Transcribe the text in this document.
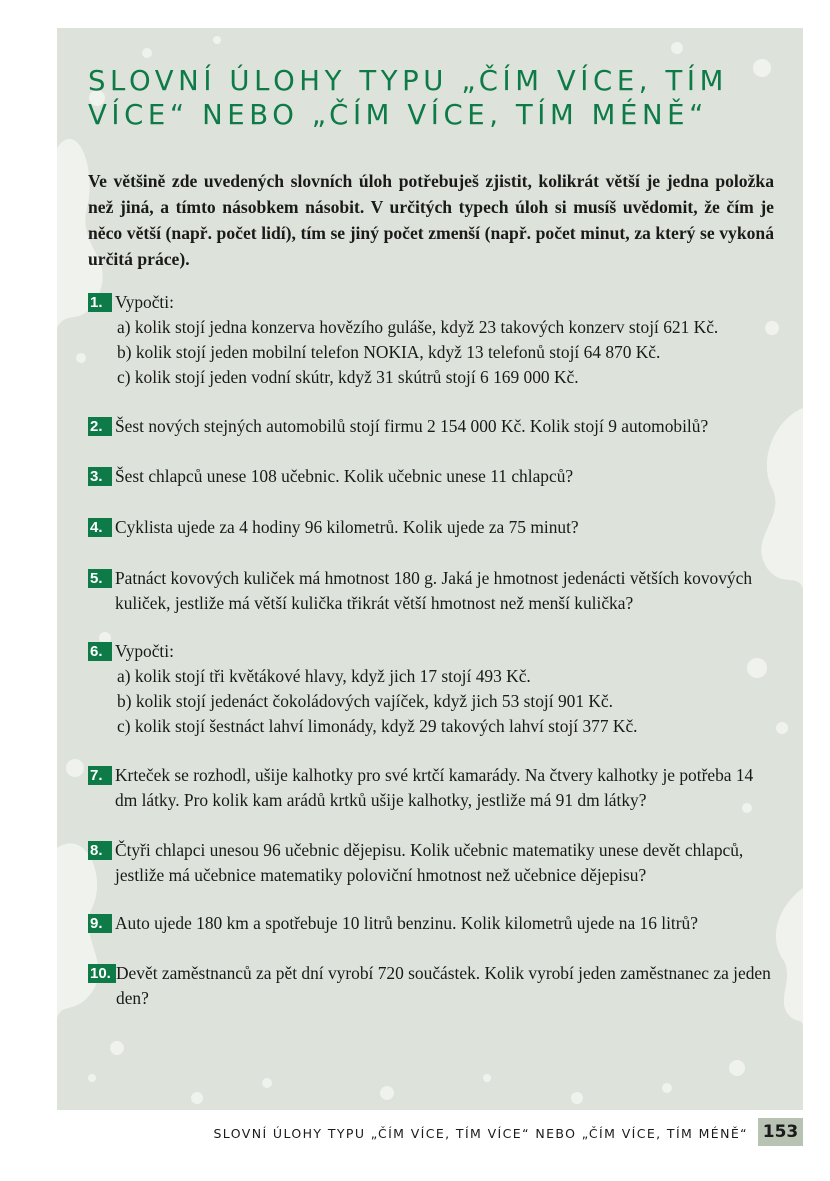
SLOVNÍ ÚLOHY TYPU „ČÍM VÍCE, TÍM VÍCE“ NEBO „ČÍM VÍCE, TÍM MÉNĚ“

Ve většině zde uvedených slovních úloh potřebuješ zjistit, kolikrát větší je jedna položka než jiná, a tímto násobkem násobit. V určitých typech úloh si musíš uvědomit, že čím je něco větší (např. počet lidí), tím se jiný počet zmenší (např. počet minut, za který se vykoná určitá práce).

1. Vypočti:
a) kolik stojí jedna konzerva hovězího guláše, když 23 takových konzerv stojí 621 Kč.
b) kolik stojí jeden mobilní telefon NOKIA, když 13 telefonů stojí 64 870 Kč.
c) kolik stojí jeden vodní skútr, když 31 skútrů stojí 6 169 000 Kč.
2. Šest nových stejných automobilů stojí firmu 2 154 000 Kč. Kolik stojí 9 automobilů?
3. Šest chlapců unese 108 učebnic. Kolik učebnic unese 11 chlapců?
4. Cyklista ujede za 4 hodiny 96 kilometrů. Kolik ujede za 75 minut?
5. Patnáct kovových kuliček má hmotnost 180 g. Jaká je hmotnost jedenácti větších kovových kuliček, jestliže má větší kulička třikrát větší hmotnost než menší kulička?
6. Vypočti:
a) kolik stojí tři květákové hlavy, když jich 17 stojí 493 Kč.
b) kolik stojí jedenáct čokoládových vajíček, když jich 53 stojí 901 Kč.
c) kolik stojí šestnáct lahví limonády, když 29 takových lahví stojí 377 Kč.
7. Krteček se rozhodl, ušije kalhotky pro své krtčí kamarády. Na čtvery kalhotky je potřeba 14 dm látky. Pro kolik kam arádů krtků ušije kalhotky, jestliže má 91 dm látky?
8. Čtyři chlapci unesou 96 učebnic dějepisu. Kolik učebnic matematiky unese devět chlapců, jestliže má učebnice matematiky poloviční hmotnost než učebnice dějepisu?
9. Auto ujede 180 km a spotřebuje 10 litrů benzinu. Kolik kilometrů ujede na 16 litrů?
10. Devět zaměstnanců za pět dní vyrobí 720 součástek. Kolik vyrobí jeden zaměstnanec za jeden den?
SLOVNÍ ÚLOHY TYPU „ČÍM VÍCE, TÍM VÍCE“ NEBO „ČÍM VÍCE, TÍM MÉNĚ“ 153
